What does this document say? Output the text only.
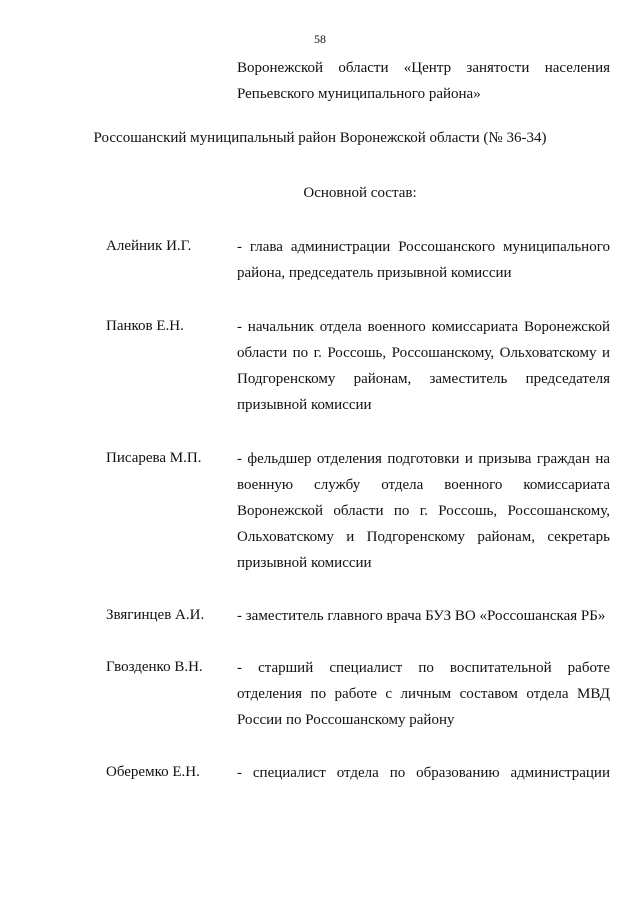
58
Воронежской области «Центр занятости населения
Репьевского муниципального района»
Россошанский муниципальный район Воронежской области (№ 36-34)
Основной состав:
Алейник И.Г.	- глава администрации Россошанского муниципального
района, председатель призывной комиссии
Панков Е.Н.	- начальник отдела военного комиссариата Воронежской
области по г. Россошь, Россошанскому, Ольховатскому и
Подгоренскому районам, заместитель председателя
призывной комиссии
Писарева М.П. - фельдшер отделения подготовки и призыва граждан на
военную службу отдела военного комиссариата
Воронежской области по г. Россошь, Россошанскому,
Ольховатскому и Подгоренскому районам, секретарь
призывной комиссии
Звягинцев А.И. - заместитель главного врача БУЗ ВО «Россошанская РБ»
Гвозденко В.Н. - старший специалист по воспитательной работе
отделения по работе с личным составом отдела МВД
России по Россошанскому району
Оберемко Е.Н. - специалист отдела по образованию администрации
